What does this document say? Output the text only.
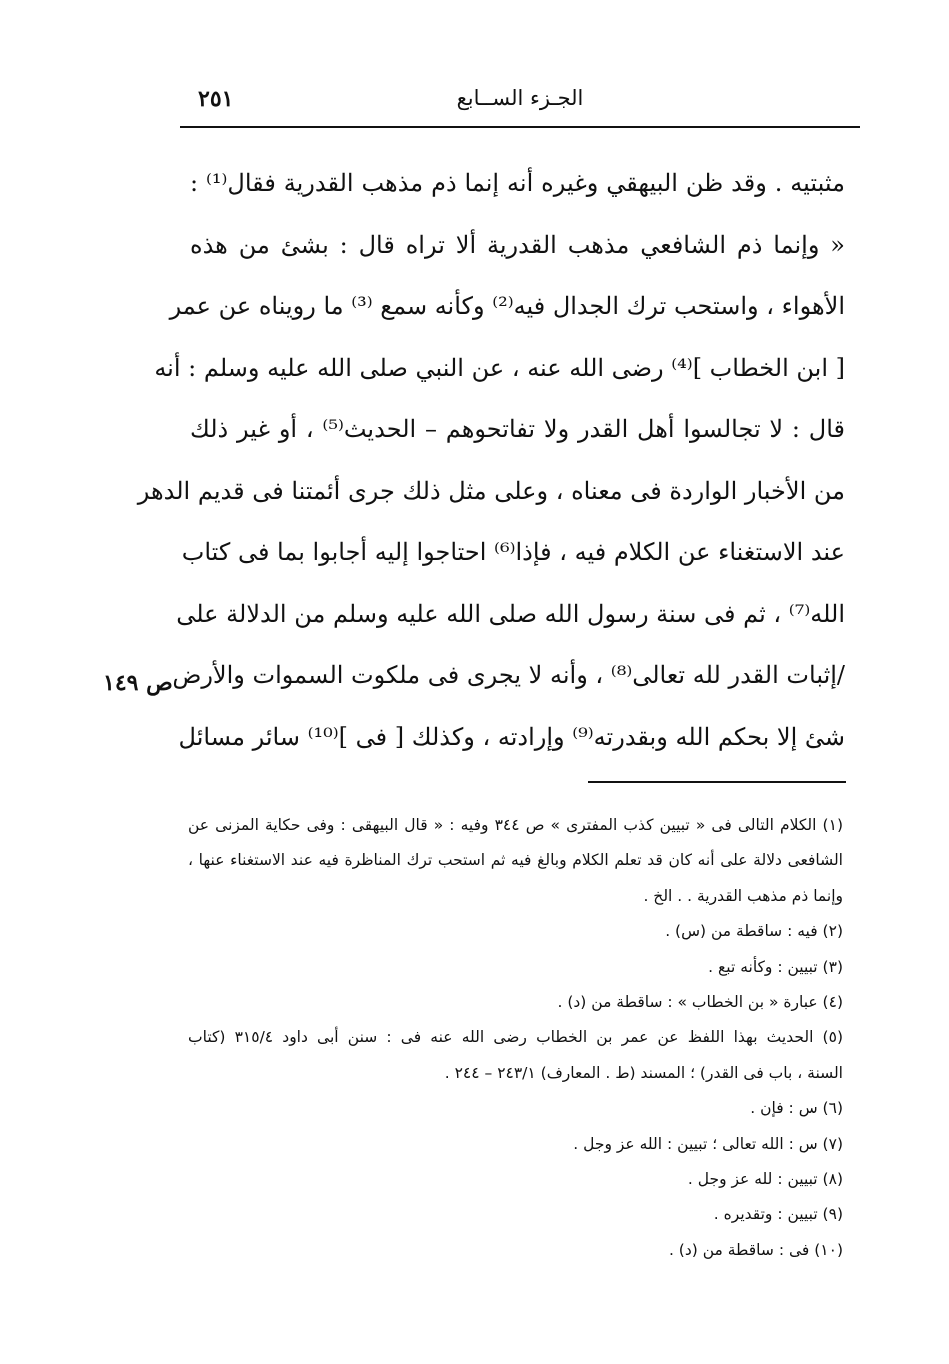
الجـزء الســابع
٢٥١
مثبتيه . وقد ظن البيهقي وغيره أنه إنما ذم مذهب القدرية فقال⁽¹⁾ :
« وإنما ذم الشافعي مذهب القدرية ألا تراه قال : بشئ من هذه
الأهواء ، واستحب ترك الجدال فيه⁽²⁾ وكأنه سمع ⁽³⁾ ما رويناه عن عمر
[ ابن الخطاب ]⁽⁴⁾ رضى الله عنه ، عن النبي صلى الله عليه وسلم : أنه
قال : لا تجالسوا أهل القدر ولا تفاتحوهم – الحديث⁽⁵⁾ ، أو غير ذلك
من الأخبار الواردة فى معناه ، وعلى مثل ذلك جرى أئمتنا فى قديم الدهر
عند الاستغناء عن الكلام فيه ، فإذا⁽⁶⁾ احتاجوا إليه أجابوا بما فى كتاب
الله⁽⁷⁾ ، ثم فى سنة رسول الله صلى الله عليه وسلم من الدلالة على
/إثبات القدر لله تعالى⁽⁸⁾ ، وأنه لا يجرى فى ملكوت السموات والأرض
شئ إلا بحكم الله وبقدرته⁽⁹⁾ وإرادته ، وكذلك [ فى ]⁽¹⁰⁾ سائر مسائل
ص ١٤٩
(١) الكلام التالى فى « تبيين كذب المفترى » ص ٣٤٤ وفيه : « قال البيهقى : وفى حكاية المزنى عن
الشافعى دلالة على أنه كان قد تعلم الكلام وبالغ فيه ثم استحب ترك المناظرة فيه عند الاستغناء عنها ،
وإنما ذم مذهب القدرية . . الخ .
(٢) فيه : ساقطة من (س) .
(٣) تبيين : وكأنه تبع .
(٤) عبارة « بن الخطاب » : ساقطة من (د) .
(٥) الحديث بهذا اللفظ عن عمر بن الخطاب رضى الله عنه فى : سنن أبى داود ٣١٥/٤ (كتاب
السنة ، باب فى القدر) ؛ المسند (ط . المعارف) ٢٤٣/١ – ٢٤٤ .
(٦) س : فإن .
(٧) س : الله تعالى ؛ تبيين : الله عز وجل .
(٨) تبيين : لله عز وجل .
(٩) تبيين : وتقديره .
(١٠) فى : ساقطة من (د) .
